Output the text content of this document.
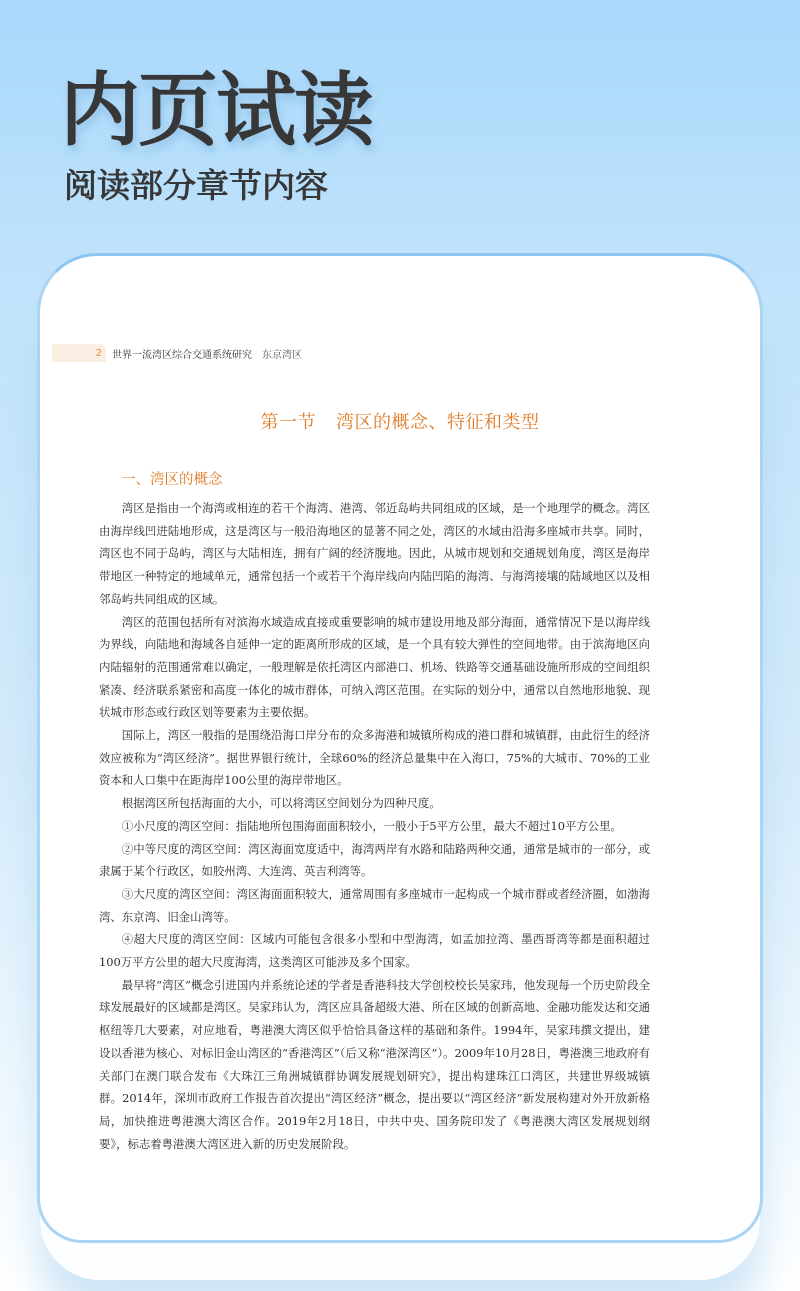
内页试读
阅读部分章节内容
2 世界一流湾区综合交通系统研究 东京湾区
第一节 湾区的概念、特征和类型
一、湾区的概念

湾区是指由一个海湾或相连的若干个海湾、港湾、邻近岛屿共同组成的区域，是一个地理学的概念。湾区由海岸线凹进陆地形成，这是湾区与一般沿海地区的显著不同之处，湾区的水域由沿海多座城市共享。同时，湾区也不同于岛屿，湾区与大陆相连，拥有广阔的经济腹地。因此，从城市规划和交通规划角度，湾区是海岸带地区一种特定的地域单元，通常包括一个或若干个海岸线向内陆凹陷的海湾、与海湾接壤的陆域地区以及相邻岛屿共同组成的区域。

湾区的范围包括所有对滨海水域造成直接或重要影响的城市建设用地及部分海面，通常情况下是以海岸线为界线，向陆地和海域各自延伸一定的距离所形成的区域，是一个具有较大弹性的空间地带。由于滨海地区向内陆辐射的范围通常难以确定，一般理解是依托湾区内部港口、机场、铁路等交通基础设施所形成的空间组织紧凑、经济联系紧密和高度一体化的城市群体，可纳入湾区范围。在实际的划分中，通常以自然地形地貌、现状城市形态或行政区划等要素为主要依据。

国际上，湾区一般指的是围绕沿海口岸分布的众多海港和城镇所构成的港口群和城镇群，由此衍生的经济效应被称为“湾区经济”。据世界银行统计，全球60%的经济总量集中在入海口，75%的大城市、70%的工业资本和人口集中在距海岸100公里的海岸带地区。

根据湾区所包括海面的大小，可以将湾区空间划分为四种尺度。

①小尺度的湾区空间：指陆地所包围海面面积较小，一般小于5平方公里，最大不超过10平方公里。

②中等尺度的湾区空间：湾区海面宽度适中，海湾两岸有水路和陆路两种交通，通常是城市的一部分，或隶属于某个行政区，如胶州湾、大连湾、英吉利湾等。

③大尺度的湾区空间：湾区海面面积较大，通常周围有多座城市一起构成一个城市群或者经济圈，如渤海湾、东京湾、旧金山湾等。

④超大尺度的湾区空间：区域内可能包含很多小型和中型海湾，如孟加拉湾、墨西哥湾等都是面积超过100万平方公里的超大尺度海湾，这类湾区可能涉及多个国家。

最早将“湾区”概念引进国内并系统论述的学者是香港科技大学创校校长吴家玮，他发现每一个历史阶段全球发展最好的区域都是湾区。吴家玮认为，湾区应具备超级大港、所在区域的创新高地、金融功能发达和交通枢纽等几大要素，对应地看，粤港澳大湾区似乎恰恰具备这样的基础和条件。1994年，吴家玮撰文提出，建设以香港为核心、对标旧金山湾区的“香港湾区”（后又称“港深湾区”）。2009年10月28日，粤港澳三地政府有关部门在澳门联合发布《大珠江三角洲城镇群协调发展规划研究》，提出构建珠江口湾区，共建世界级城镇群。2014年，深圳市政府工作报告首次提出“湾区经济”概念，提出要以“湾区经济”新发展构建对外开放新格局，加快推进粤港澳大湾区合作。2019年2月18日，中共中央、国务院印发了《粤港澳大湾区发展规划纲要》，标志着粤港澳大湾区进入新的历史发展阶段。
